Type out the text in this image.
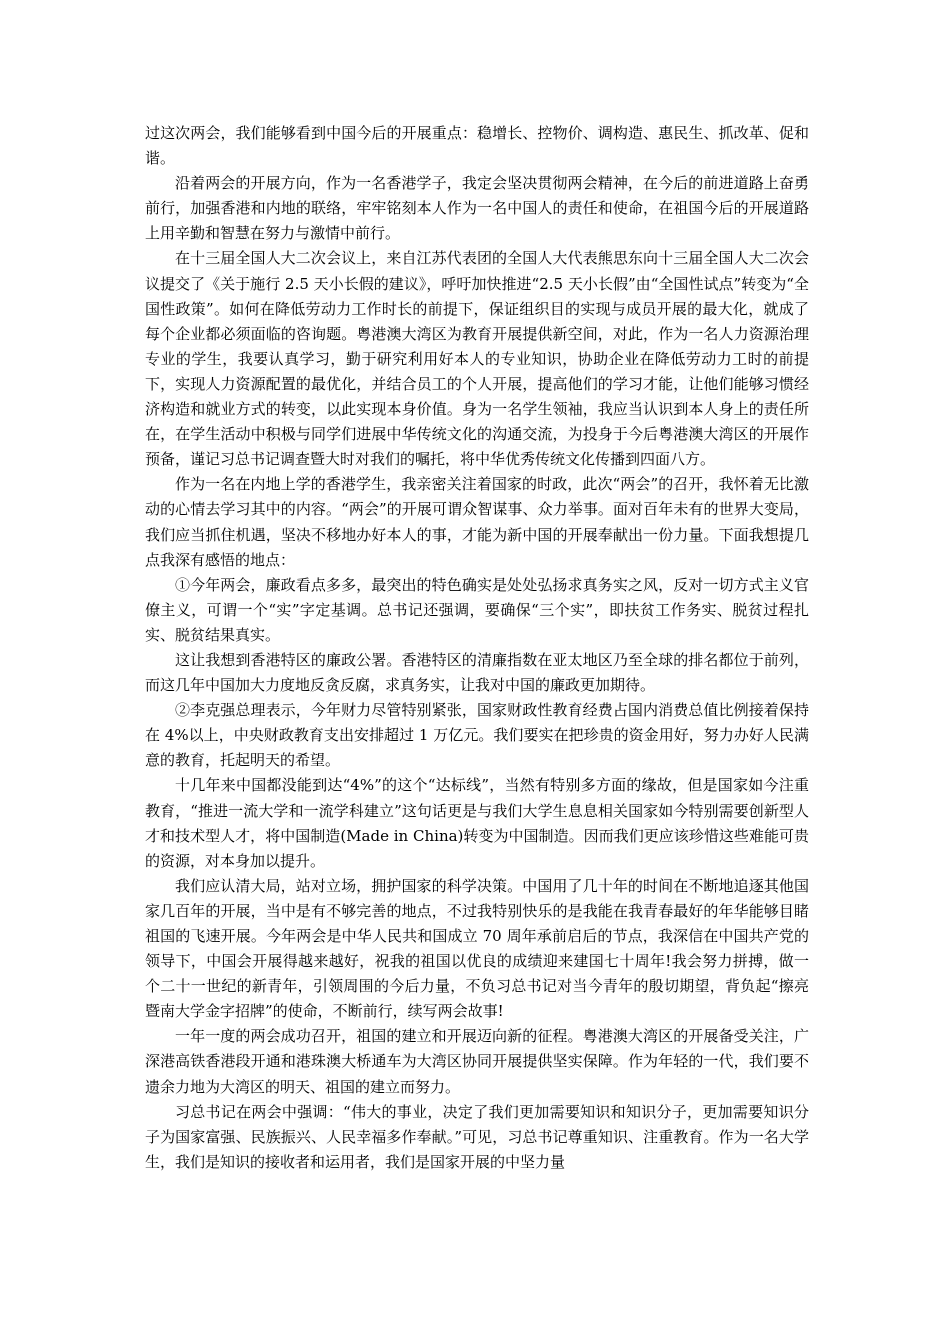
过这次两会，我们能够看到中国今后的开展重点：稳增长、控物价、调构造、惠民生、抓改革、促和谐。

沿着两会的开展方向，作为一名香港学子，我定会坚决贯彻两会精神，在今后的前进道路上奋勇前行，加强香港和内地的联络，牢牢铭刻本人作为一名中国人的责任和使命，在祖国今后的开展道路上用辛勤和智慧在努力与激情中前行。

在十三届全国人大二次会议上，来自江苏代表团的全国人大代表熊思东向十三届全国人大二次会议提交了《关于施行 2.5 天小长假的建议》，呼吁加快推进“2.5 天小长假”由“全国性试点”转变为“全国性政策”。如何在降低劳动力工作时长的前提下，保证组织目的实现与成员开展的最大化，就成了每个企业都必须面临的咨询题。粤港澳大湾区为教育开展提供新空间，对此，作为一名人力资源治理专业的学生，我要认真学习，勤于研究利用好本人的专业知识，协助企业在降低劳动力工时的前提下，实现人力资源配置的最优化，并结合员工的个人开展，提高他们的学习才能，让他们能够习惯经济构造和就业方式的转变，以此实现本身价值。身为一名学生领袖，我应当认识到本人身上的责任所在，在学生活动中积极与同学们进展中华传统文化的沟通交流，为投身于今后粤港澳大湾区的开展作预备，谨记习总书记调查暨大时对我们的嘱托，将中华优秀传统文化传播到四面八方。

作为一名在内地上学的香港学生，我亲密关注着国家的时政，此次“两会”的召开，我怀着无比激动的心情去学习其中的内容。“两会”的开展可谓众智谋事、众力举事。面对百年未有的世界大变局，我们应当抓住机遇，坚决不移地办好本人的事，才能为新中国的开展奉献出一份力量。下面我想提几点我深有感悟的地点：

①今年两会，廉政看点多多，最突出的特色确实是处处弘扬求真务实之风，反对一切方式主义官僚主义，可谓一个“实”字定基调。总书记还强调，要确保“三个实”，即扶贫工作务实、脱贫过程扎实、脱贫结果真实。

这让我想到香港特区的廉政公署。香港特区的清廉指数在亚太地区乃至全球的排名都位于前列，而这几年中国加大力度地反贪反腐，求真务实，让我对中国的廉政更加期待。

②李克强总理表示，今年财力尽管特别紧张，国家财政性教育经费占国内消费总值比例接着保持在 4%以上，中央财政教育支出安排超过 1 万亿元。我们要实在把珍贵的资金用好，努力办好人民满意的教育，托起明天的希望。

十几年来中国都没能到达“4%”的这个“达标线”，当然有特别多方面的缘故，但是国家如今注重教育，“推进一流大学和一流学科建立”这句话更是与我们大学生息息相关国家如今特别需要创新型人才和技术型人才，将中国制造(Made in China)转变为中国制造。因而我们更应该珍惜这些难能可贵的资源，对本身加以提升。

我们应认清大局，站对立场，拥护国家的科学决策。中国用了几十年的时间在不断地追逐其他国家几百年的开展，当中是有不够完善的地点，不过我特别快乐的是我能在我青春最好的年华能够目睹祖国的飞速开展。今年两会是中华人民共和国成立 70 周年承前启后的节点，我深信在中国共产党的领导下，中国会开展得越来越好，祝我的祖国以优良的成绩迎来建国七十周年!我会努力拼搏，做一个二十一世纪的新青年，引领周围的今后力量，不负习总书记对当今青年的殷切期望，背负起“擦亮暨南大学金字招牌”的使命，不断前行，续写两会故事!

一年一度的两会成功召开，祖国的建立和开展迈向新的征程。粤港澳大湾区的开展备受关注，广深港高铁香港段开通和港珠澳大桥通车为大湾区协同开展提供坚实保障。作为年轻的一代，我们要不遗余力地为大湾区的明天、祖国的建立而努力。

习总书记在两会中强调：“伟大的事业，决定了我们更加需要知识和知识分子，更加需要知识分子为国家富强、民族振兴、人民幸福多作奉献。”可见，习总书记尊重知识、注重教育。作为一名大学生，我们是知识的接收者和运用者，我们是国家开展的中坚力量
